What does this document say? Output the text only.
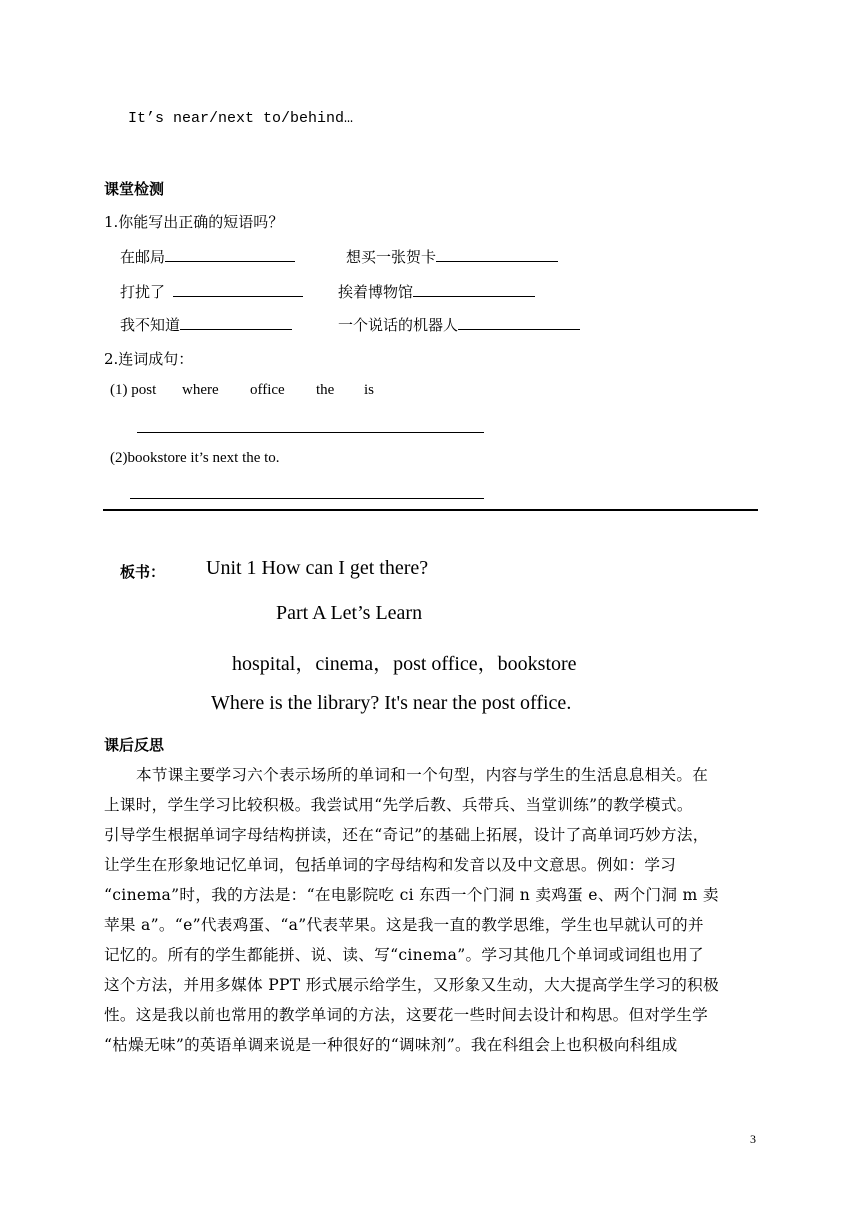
It’s near/next to/behind…
课堂检测
1.你能写出正确的短语吗？
在邮局	想买一张贺卡
打扰了	挨着博物馆
我不知道	一个说话的机器人
2.连词成句：
(1) post where office the is
(2)bookstore it’s next the to.
板书： Unit 1 How can I get there?
Part A Let’s Learn
hospital，cinema，post office，bookstore
Where is the library? It's near the post office.
课后反思
本节课主要学习六个表示场所的单词和一个句型，内容与学生的生活息息相关。在
上课时，学生学习比较积极。我尝试用“先学后教、兵带兵、当堂训练”的教学模式。
引导学生根据单词字母结构拼读，还在“奇记”的基础上拓展，设计了高单词巧妙方法，
让学生在形象地记忆单词，包括单词的字母结构和发音以及中文意思。例如：学习
“cinema”时，我的方法是：“在电影院吃 ci 东西一个门洞 n 卖鸡蛋 e、两个门洞 m 卖
苹果 a”。“e”代表鸡蛋、“a”代表苹果。这是我一直的教学思维，学生也早就认可的并
记忆的。所有的学生都能拼、说、读、写“cinema”。学习其他几个单词或词组也用了
这个方法，并用多媒体 PPT 形式展示给学生，又形象又生动，大大提高学生学习的积极
性。这是我以前也常用的教学单词的方法，这要花一些时间去设计和构思。但对学生学
“枯燥无味”的英语单调来说是一种很好的“调味剂”。我在科组会上也积极向科组成
3
